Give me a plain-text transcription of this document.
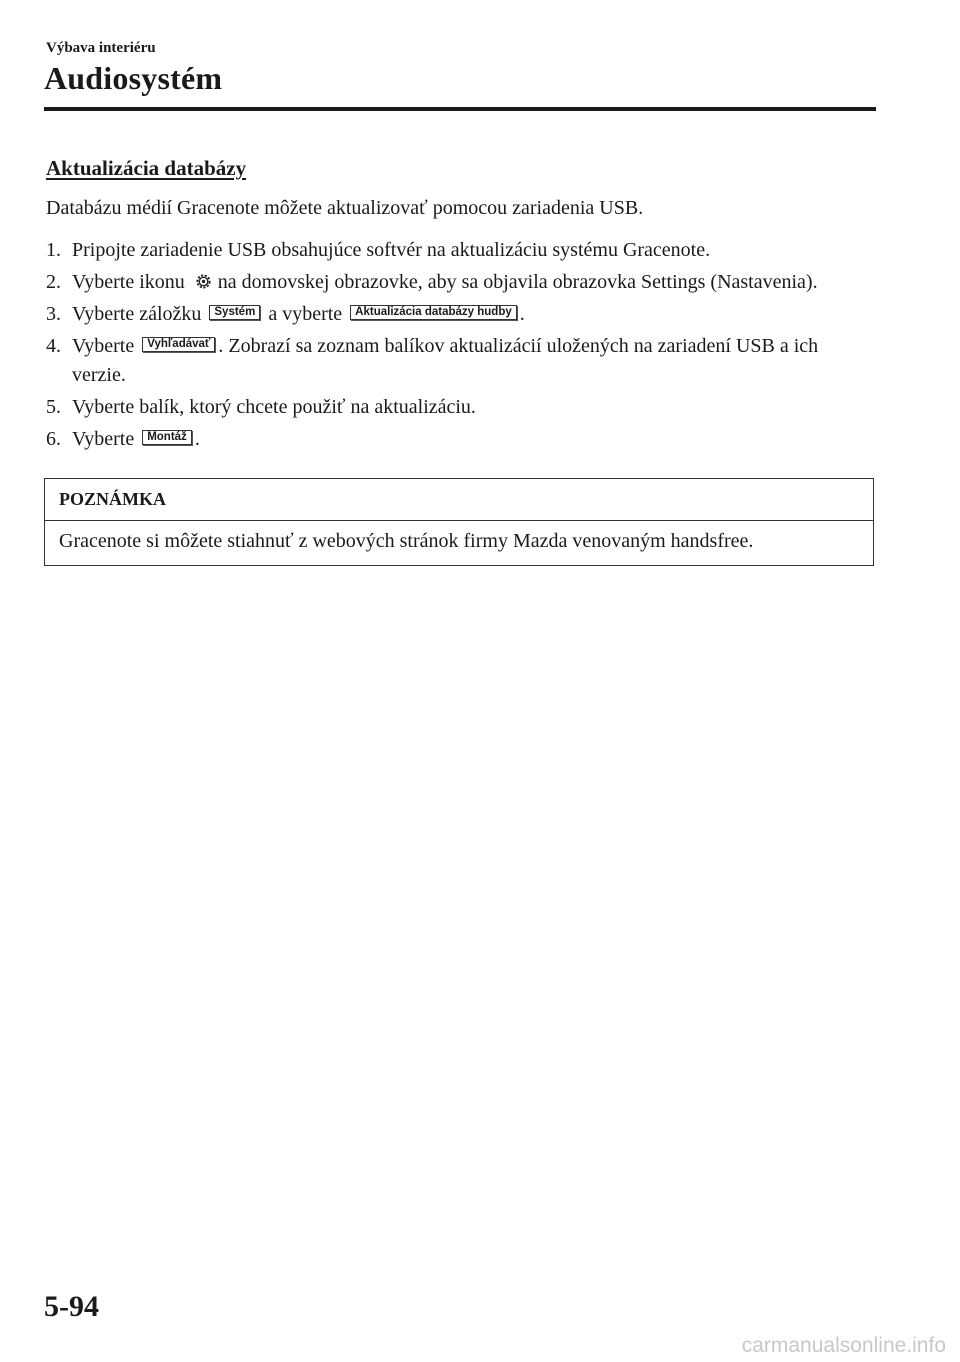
Výbava interiéru
Audiosystém
Aktualizácia databázy

Databázu médií Gracenote môžete aktualizovať pomocou zariadenia USB.

1. Pripojte zariadenie USB obsahujúce softvér na aktualizáciu systému Gracenote.
2. Vyberte ikonu na domovskej obrazovke, aby sa objavila obrazovka Settings (Nastavenia).
3. Vyberte záložku Systém a vyberte Aktualizácia databázy hudby .
4. Vyberte Vyhľadávať . Zobrazí sa zoznam balíkov aktualizácií uložených na zariadení USB a ich verzie.
5. Vyberte balík, ktorý chcete použiť na aktualizáciu.
6. Vyberte Montáž .
POZNÁMKA
Gracenote si môžete stiahnuť z webových stránok firmy Mazda venovaným handsfree.
5-94
carmanualsonline.info
